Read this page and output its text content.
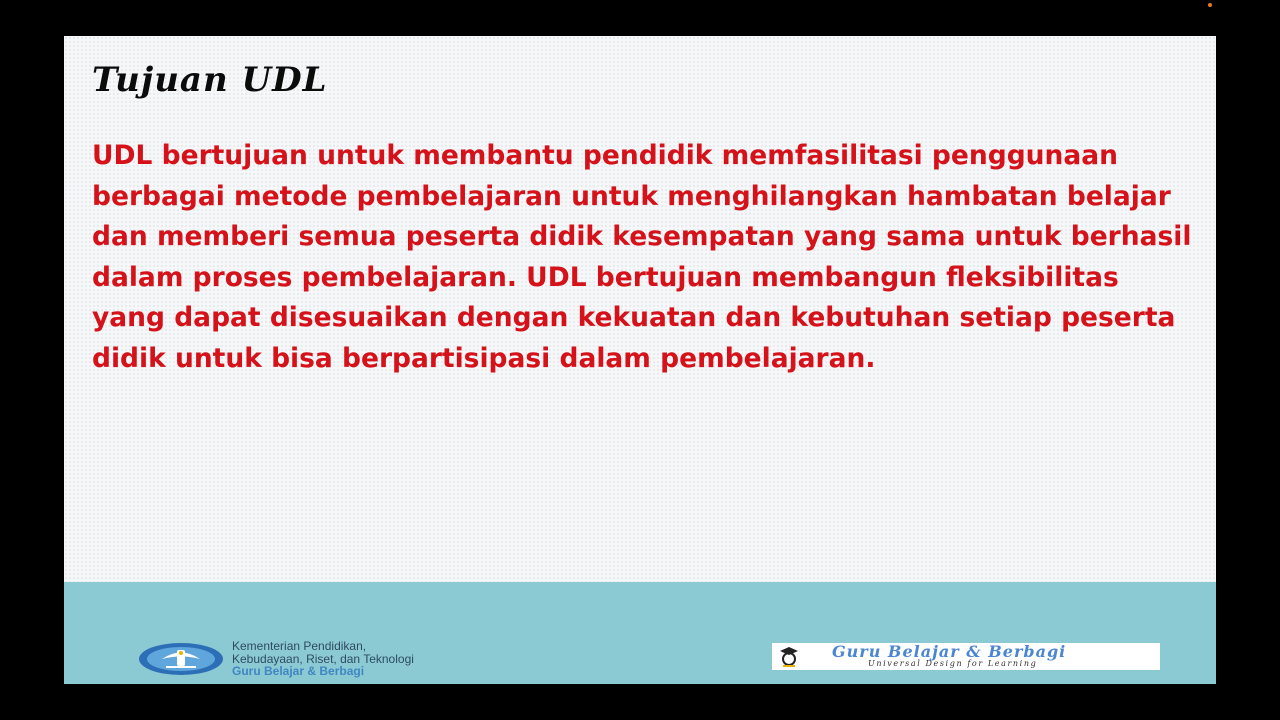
Tujuan UDL

UDL bertujuan untuk membantu pendidik memfasilitasi penggunaan berbagai metode pembelajaran untuk menghilangkan hambatan belajar dan memberi semua peserta didik kesempatan yang sama untuk berhasil dalam proses pembelajaran. UDL bertujuan membangun fleksibilitas yang dapat disesuaikan dengan kekuatan dan kebutuhan setiap peserta didik untuk bisa berpartisipasi dalam pembelajaran.

Kementerian Pendidikan,
Kebudayaan, Riset, dan Teknologi
Guru Belajar & Berbagi
Guru Belajar & Berbagi
Universal Design for Learning
